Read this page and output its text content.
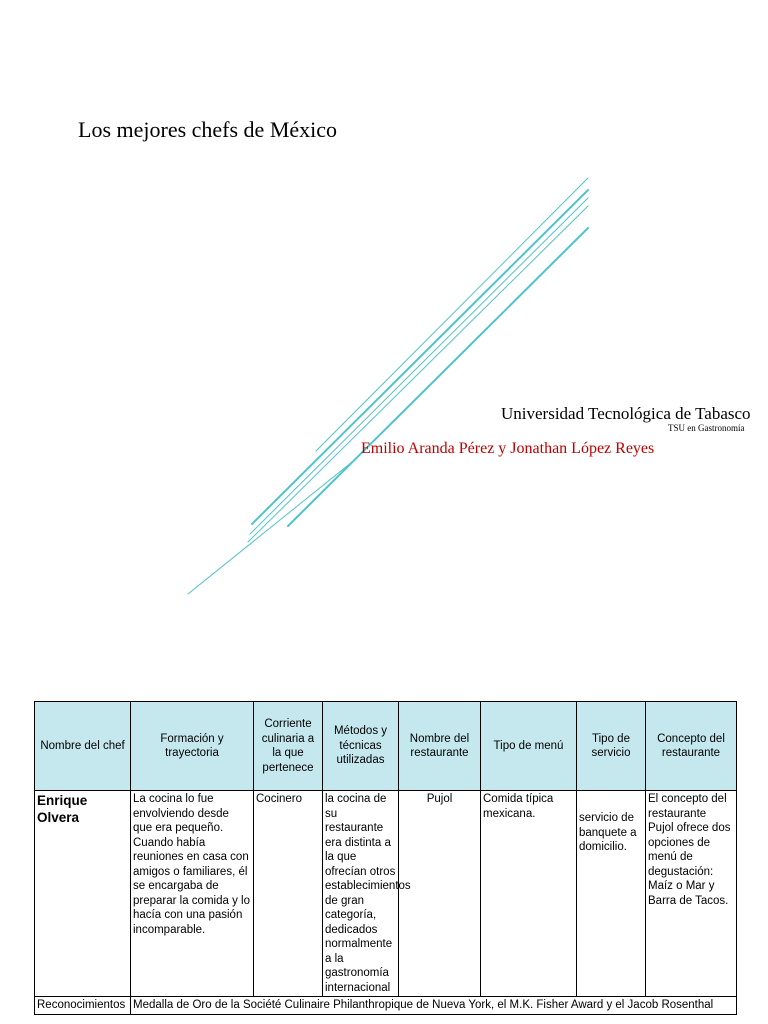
Los mejores chefs de México
Universidad Tecnológica de Tabasco
TSU en Gastronomía
Emilio Aranda Pérez y Jonathan López Reyes
Nombre del chef	Formación y trayectoria	Corriente culinaria a la que pertenece	Métodos y técnicas utilizadas	Nombre del restaurante	Tipo de menú	Tipo de servicio	Concepto del restaurante
Enrique Olvera	La cocina lo fue envolviendo desde que era pequeño. Cuando había reuniones en casa con amigos o familiares, él se encargaba de preparar la comida y lo hacía con una pasión incomparable.	Cocinero	la cocina de su restaurante era distinta a la que ofrecían otros establecimientos de gran categoría, dedicados normalmente a la gastronomía internacional	Pujol	Comida típica mexicana.	servicio de banquete a domicilio.	El concepto del restaurante Pujol ofrece dos opciones de menú de degustación: Maíz o Mar y Barra de Tacos.
Reconocimientos	Medalla de Oro de la Société Culinaire Philanthropique de Nueva York, el M.K. Fisher Award y el Jacob Rosenthal						
